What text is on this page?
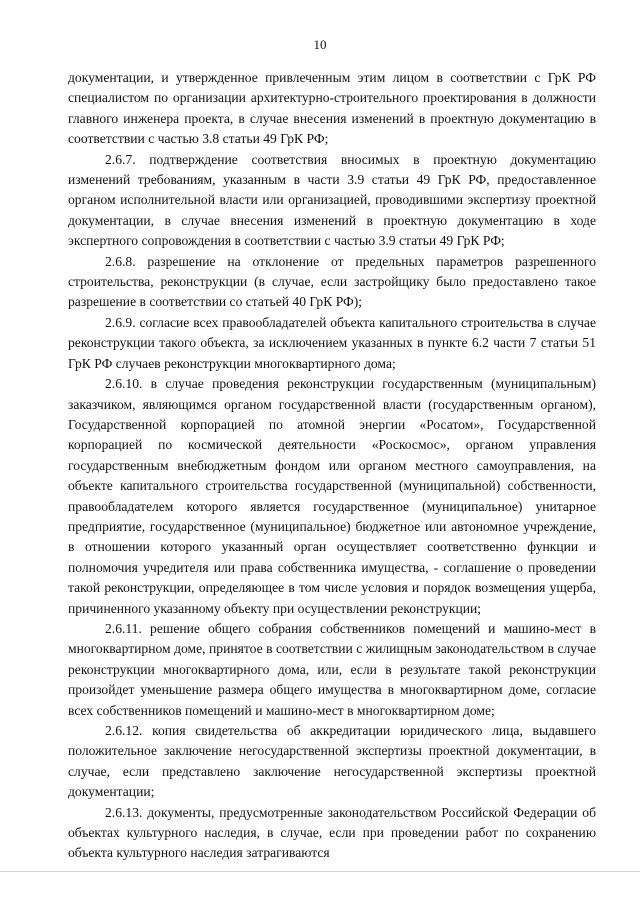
10

документации, и утвержденное привлеченным этим лицом в соответствии с ГрК РФ специалистом по организации архитектурно-строительного проектирования в должности главного инженера проекта, в случае внесения изменений в проектную документацию в соответствии с частью 3.8 статьи 49 ГрК РФ;

2.6.7. подтверждение соответствия вносимых в проектную документацию изменений требованиям, указанным в части 3.9 статьи 49 ГрК РФ, предоставленное органом исполнительной власти или организацией, проводившими экспертизу проектной документации, в случае внесения изменений в проектную документацию в ходе экспертного сопровождения в соответствии с частью 3.9 статьи 49 ГрК РФ;

2.6.8. разрешение на отклонение от предельных параметров разрешенного строительства, реконструкции (в случае, если застройщику было предоставлено такое разрешение в соответствии со статьей 40 ГрК РФ);

2.6.9. согласие всех правообладателей объекта капитального строительства в случае реконструкции такого объекта, за исключением указанных в пункте 6.2 части 7 статьи 51 ГрК РФ случаев реконструкции многоквартирного дома;

2.6.10. в случае проведения реконструкции государственным (муниципальным) заказчиком, являющимся органом государственной власти (государственным органом), Государственной корпорацией по атомной энергии «Росатом», Государственной корпорацией по космической деятельности «Роскосмос», органом управления государственным внебюджетным фондом или органом местного самоуправления, на объекте капитального строительства государственной (муниципальной) собственности, правообладателем которого является государственное (муниципальное) унитарное предприятие, государственное (муниципальное) бюджетное или автономное учреждение, в отношении которого указанный орган осуществляет соответственно функции и полномочия учредителя или права собственника имущества, - соглашение о проведении такой реконструкции, определяющее в том числе условия и порядок возмещения ущерба, причиненного указанному объекту при осуществлении реконструкции;

2.6.11. решение общего собрания собственников помещений и машино-мест в многоквартирном доме, принятое в соответствии с жилищным законодательством в случае реконструкции многоквартирного дома, или, если в результате такой реконструкции произойдет уменьшение размера общего имущества в многоквартирном доме, согласие всех собственников помещений и машино-мест в многоквартирном доме;

2.6.12. копия свидетельства об аккредитации юридического лица, выдавшего положительное заключение негосударственной экспертизы проектной документации, в случае, если представлено заключение негосударственной экспертизы проектной документации;

2.6.13. документы, предусмотренные законодательством Российской Федерации об объектах культурного наследия, в случае, если при проведении работ по сохранению объекта культурного наследия затрагиваются
